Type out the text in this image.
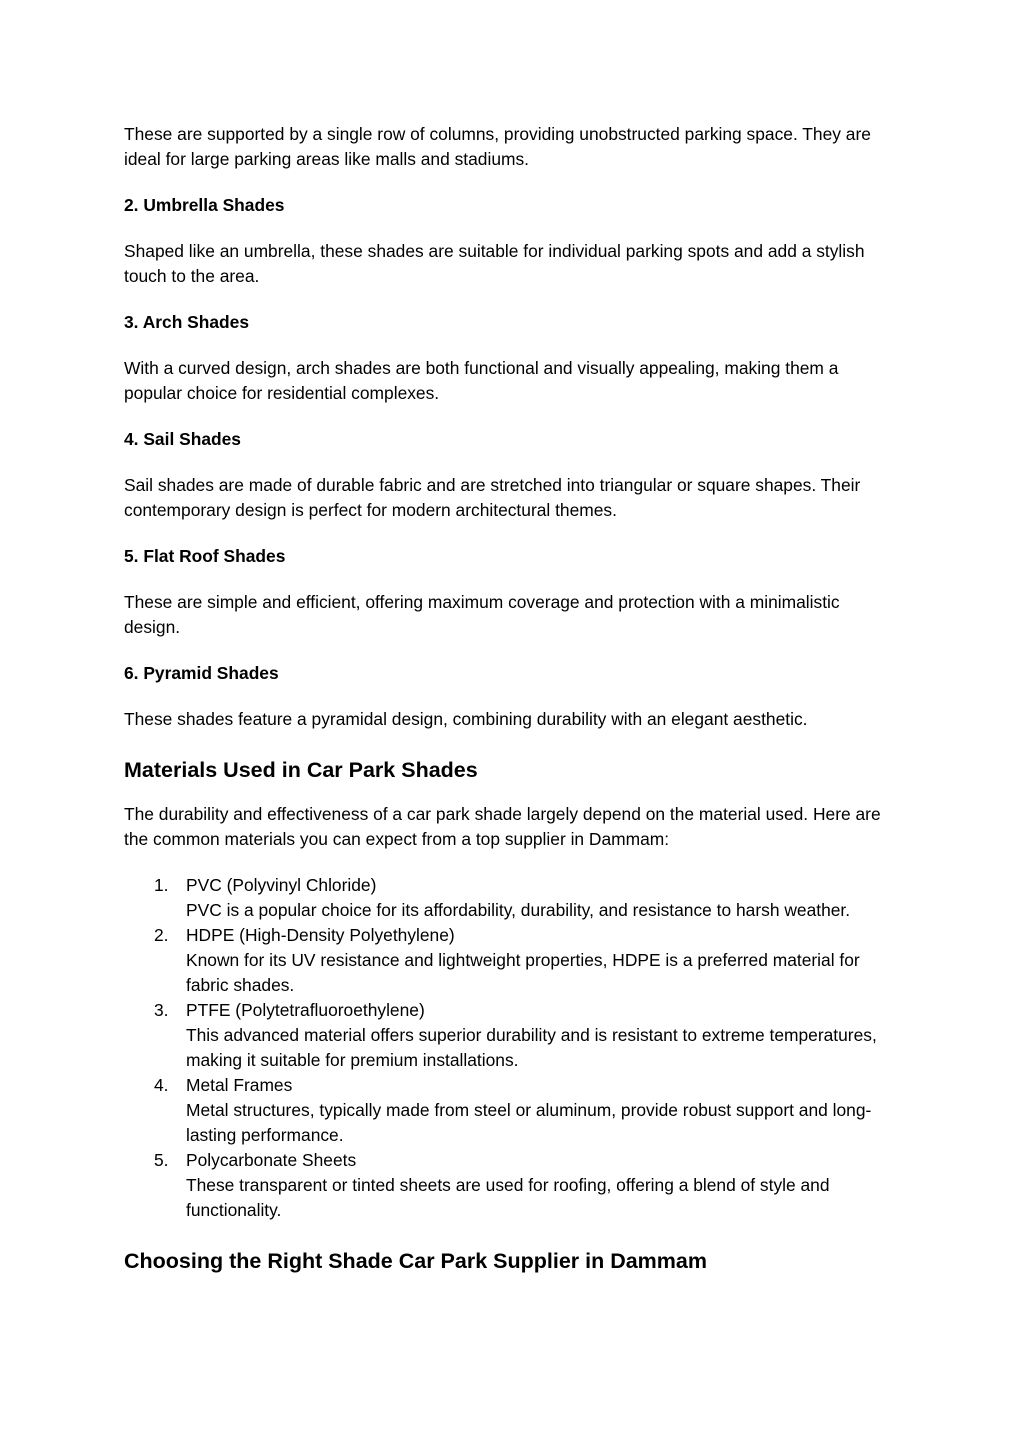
These are supported by a single row of columns, providing unobstructed parking space. They are ideal for large parking areas like malls and stadiums.

2. Umbrella Shades

Shaped like an umbrella, these shades are suitable for individual parking spots and add a stylish touch to the area.

3. Arch Shades

With a curved design, arch shades are both functional and visually appealing, making them a popular choice for residential complexes.

4. Sail Shades

Sail shades are made of durable fabric and are stretched into triangular or square shapes. Their contemporary design is perfect for modern architectural themes.

5. Flat Roof Shades

These are simple and efficient, offering maximum coverage and protection with a minimalistic design.

6. Pyramid Shades

These shades feature a pyramidal design, combining durability with an elegant aesthetic.

Materials Used in Car Park Shades

The durability and effectiveness of a car park shade largely depend on the material used. Here are the common materials you can expect from a top supplier in Dammam:

1. PVC (Polyvinyl Chloride)
PVC is a popular choice for its affordability, durability, and resistance to harsh weather.
2. HDPE (High-Density Polyethylene)
Known for its UV resistance and lightweight properties, HDPE is a preferred material for fabric shades.
3. PTFE (Polytetrafluoroethylene)
This advanced material offers superior durability and is resistant to extreme temperatures, making it suitable for premium installations.
4. Metal Frames
Metal structures, typically made from steel or aluminum, provide robust support and long-lasting performance.
5. Polycarbonate Sheets
These transparent or tinted sheets are used for roofing, offering a blend of style and functionality.
Choosing the Right Shade Car Park Supplier in Dammam
